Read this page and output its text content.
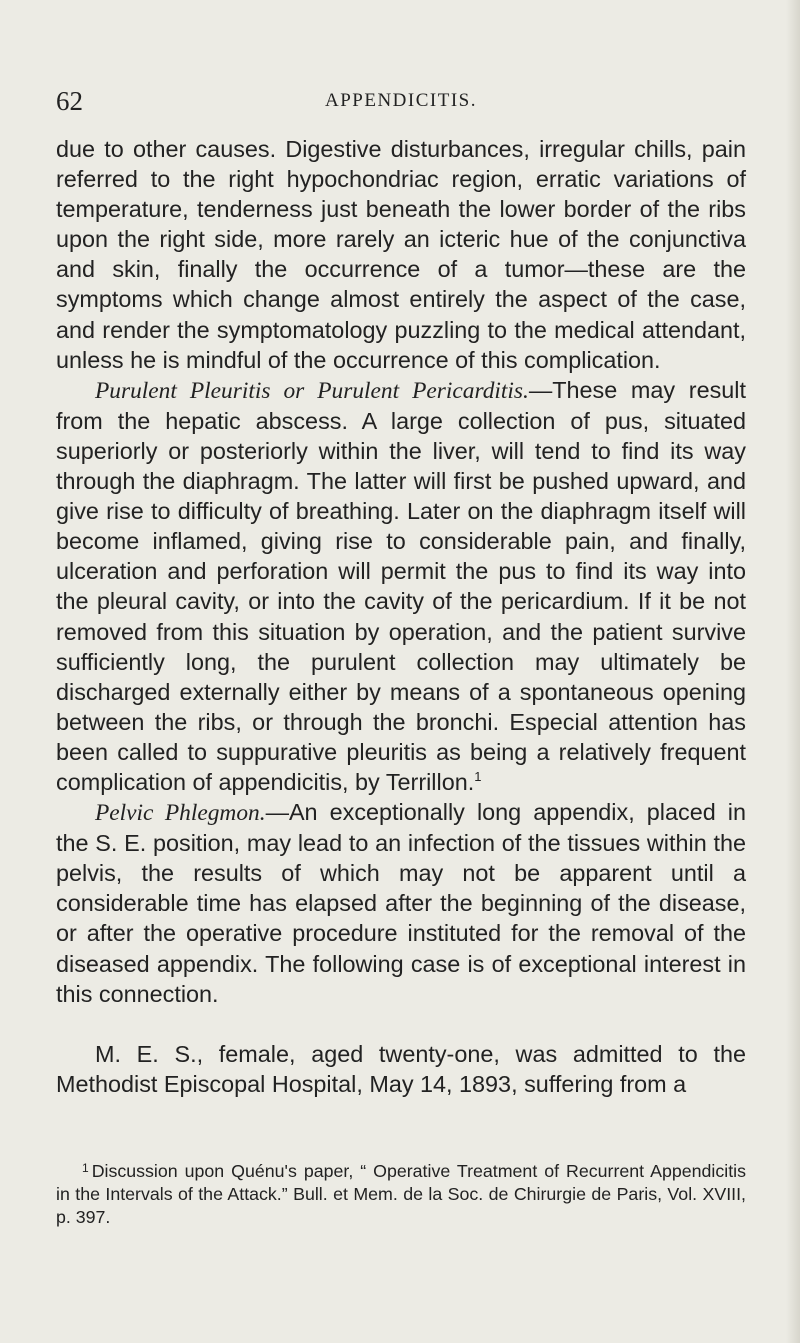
62	APPENDICITIS.

due to other causes. Digestive disturbances, irregular chills, pain referred to the right hypochondriac region, erratic variations of temperature, tenderness just beneath the lower border of the ribs upon the right side, more rarely an icteric hue of the conjunctiva and skin, finally the occurrence of a tumor—these are the symptoms which change almost entirely the aspect of the case, and render the symptomatology puzzling to the medical attendant, unless he is mindful of the occurrence of this complication.

Purulent Pleuritis or Purulent Pericarditis.—These may result from the hepatic abscess. A large collection of pus, situated superiorly or posteriorly within the liver, will tend to find its way through the diaphragm. The latter will first be pushed upward, and give rise to difficulty of breathing. Later on the diaphragm itself will become inflamed, giving rise to considerable pain, and finally, ulceration and perforation will permit the pus to find its way into the pleural cavity, or into the cavity of the pericardium. If it be not removed from this situation by operation, and the patient survive sufficiently long, the purulent collection may ultimately be discharged externally either by means of a spontaneous opening between the ribs, or through the bronchi. Especial attention has been called to suppurative pleuritis as being a relatively frequent complication of appendicitis, by Terrillon.$^1$

Pelvic Phlegmon.—An exceptionally long appendix, placed in the S. E. position, may lead to an infection of the tissues within the pelvis, the results of which may not be apparent until a considerable time has elapsed after the beginning of the disease, or after the operative procedure instituted for the removal of the diseased appendix. The following case is of exceptional interest in this connection.

M. E. S., female, aged twenty-one, was admitted to the Methodist Episcopal Hospital, May 14, 1893, suffering from a

$^1$ Discussion upon Quénu's paper, “ Operative Treatment of Recurrent Appendicitis in the Intervals of the Attack.” Bull. et Mem. de la Soc. de Chirurgie de Paris, Vol. XVIII, p. 397.
